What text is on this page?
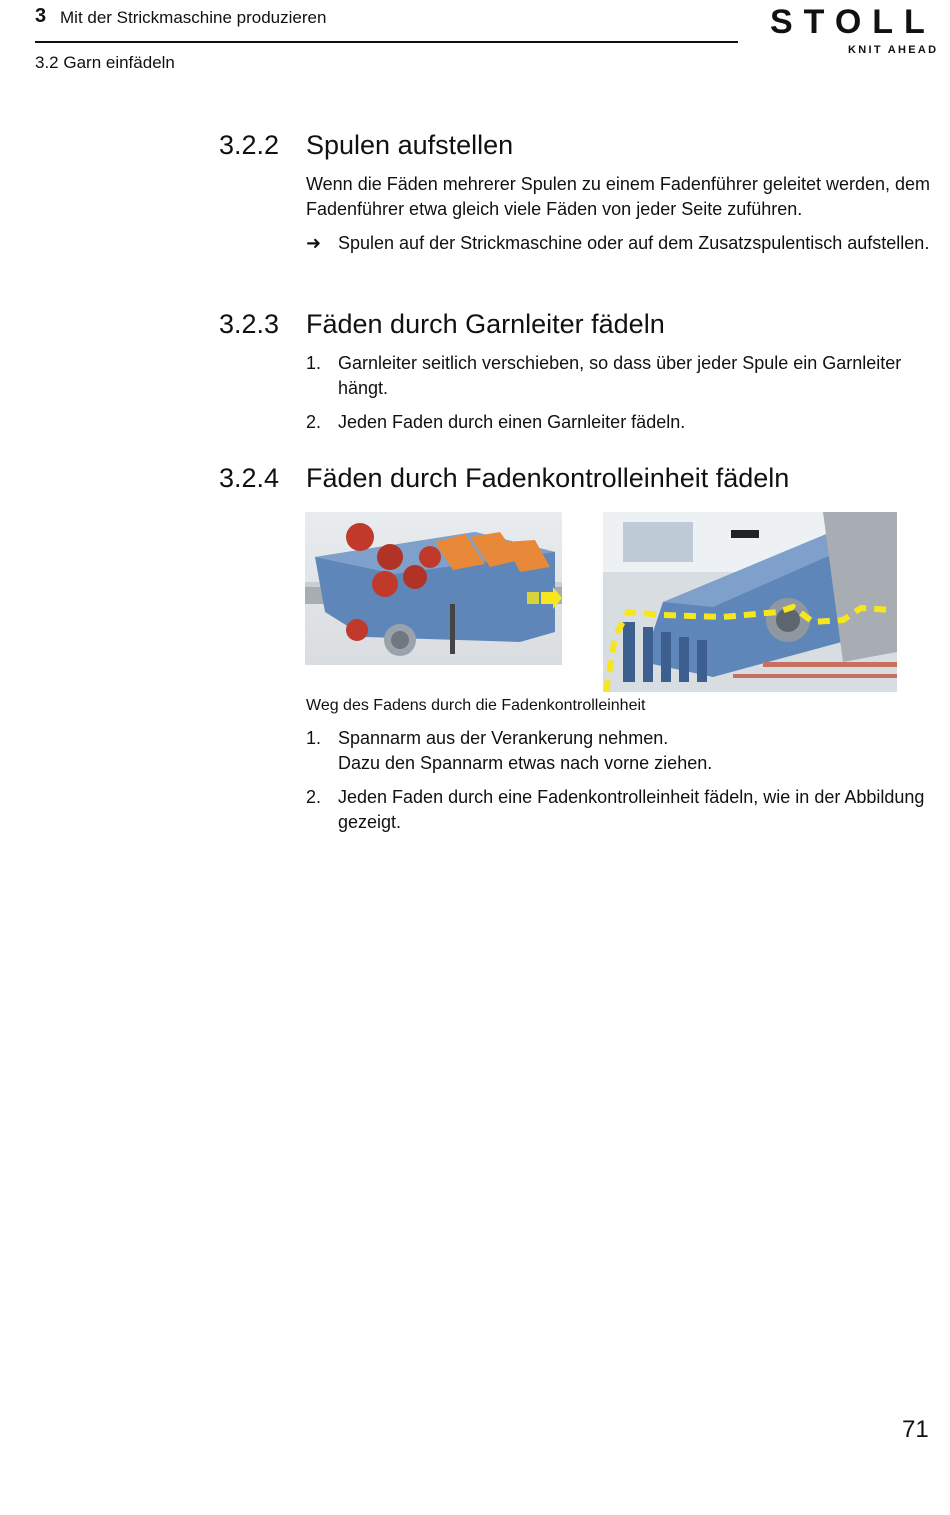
3 Mit der Strickmaschine produzieren
3.2 Garn einfädeln
STOLL
KNIT AHEAD
3.2.2 Spulen aufstellen

Wenn die Fäden mehrerer Spulen zu einem Fadenführer geleitet werden, dem Fadenführer etwa gleich viele Fäden von jeder Seite zuführen.

➜ Spulen auf der Strickmaschine oder auf dem Zusatzspulentisch aufstellen.
3.2.3 Fäden durch Garnleiter fädeln
1. Garnleiter seitlich verschieben, so dass über jeder Spule ein Garnleiter hängt.
2. Jeden Faden durch einen Garnleiter fädeln.
3.2.4 Fäden durch Fadenkontrolleinheit fädeln
Weg des Fadens durch die Fadenkontrolleinheit
1. Spannarm aus der Verankerung nehmen.
Dazu den Spannarm etwas nach vorne ziehen.
2. Jeden Faden durch eine Fadenkontrolleinheit fädeln, wie in der Abbildung gezeigt.
71
